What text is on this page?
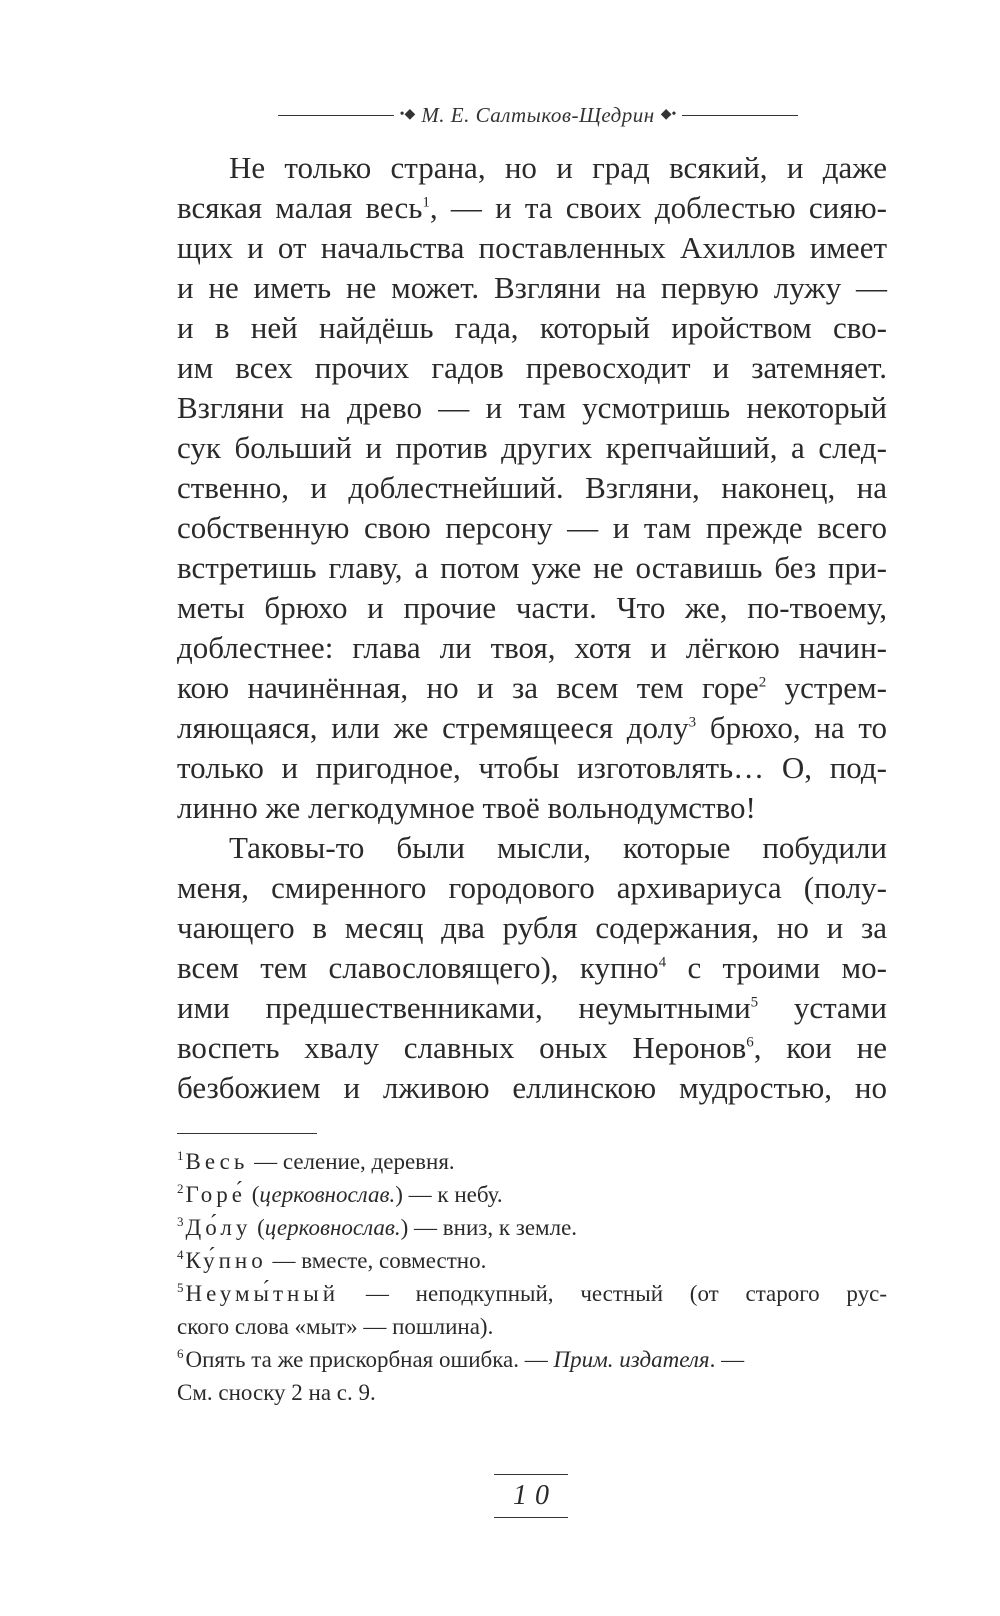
•◆ М. Е. Салтыков-Щедрин ◆•
Не только страна, но и град всякий, и даже
всякая малая весь$^1$, — и та своих доблестью сияю-
щих и от начальства поставленных Ахиллов имеет
и не иметь не может. Взгляни на первую лужу —
и в ней найдёшь гада, который иройством сво-
им всех прочих гадов превосходит и затемняет.
Взгляни на древо — и там усмотришь некоторый
сук больший и против других крепчайший, а след-
ственно, и доблестнейший. Взгляни, наконец, на
собственную свою персону — и там прежде всего
встретишь главу, а потом уже не оставишь без при-
меты брюхо и прочие части. Что же, по-твоему,
доблестнее: глава ли твоя, хотя и лёгкою начин-
кою начинённая, но и за всем тем горе$^2$ устрем-
ляющаяся, или же стремящееся долу$^3$ брюхо, на то
только и пригодное, чтобы изготовлять… О, под-
линно же легкодумное твоё вольнодумство!
Таковы-то были мысли, которые побудили
меня, смиренного городового архивариуса (полу-
чающего в месяц два рубля содержания, но и за
всем тем славословящего), купно$^4$ с троими мо-
ими предшественниками, неумытными$^5$ устами
воспеть хвалу славных оных Неронов$^6$, кои не
безбожием и лживою еллинскою мудростью, но
$^1$Весь — селение, деревня.
$^2$Горе́ (церковнослав.) — к небу.
$^3$До́лу (церковнослав.) — вниз, к земле.
$^4$Ку́пно — вместе, совместно.
$^5$Неумы́тный — неподкупный, честный (от старого рус-
ского слова «мыт» — пошлина).
$^6$Опять та же прискорбная ошибка. — Прим. издателя. —
См. сноску 2 на с. 9.
10
